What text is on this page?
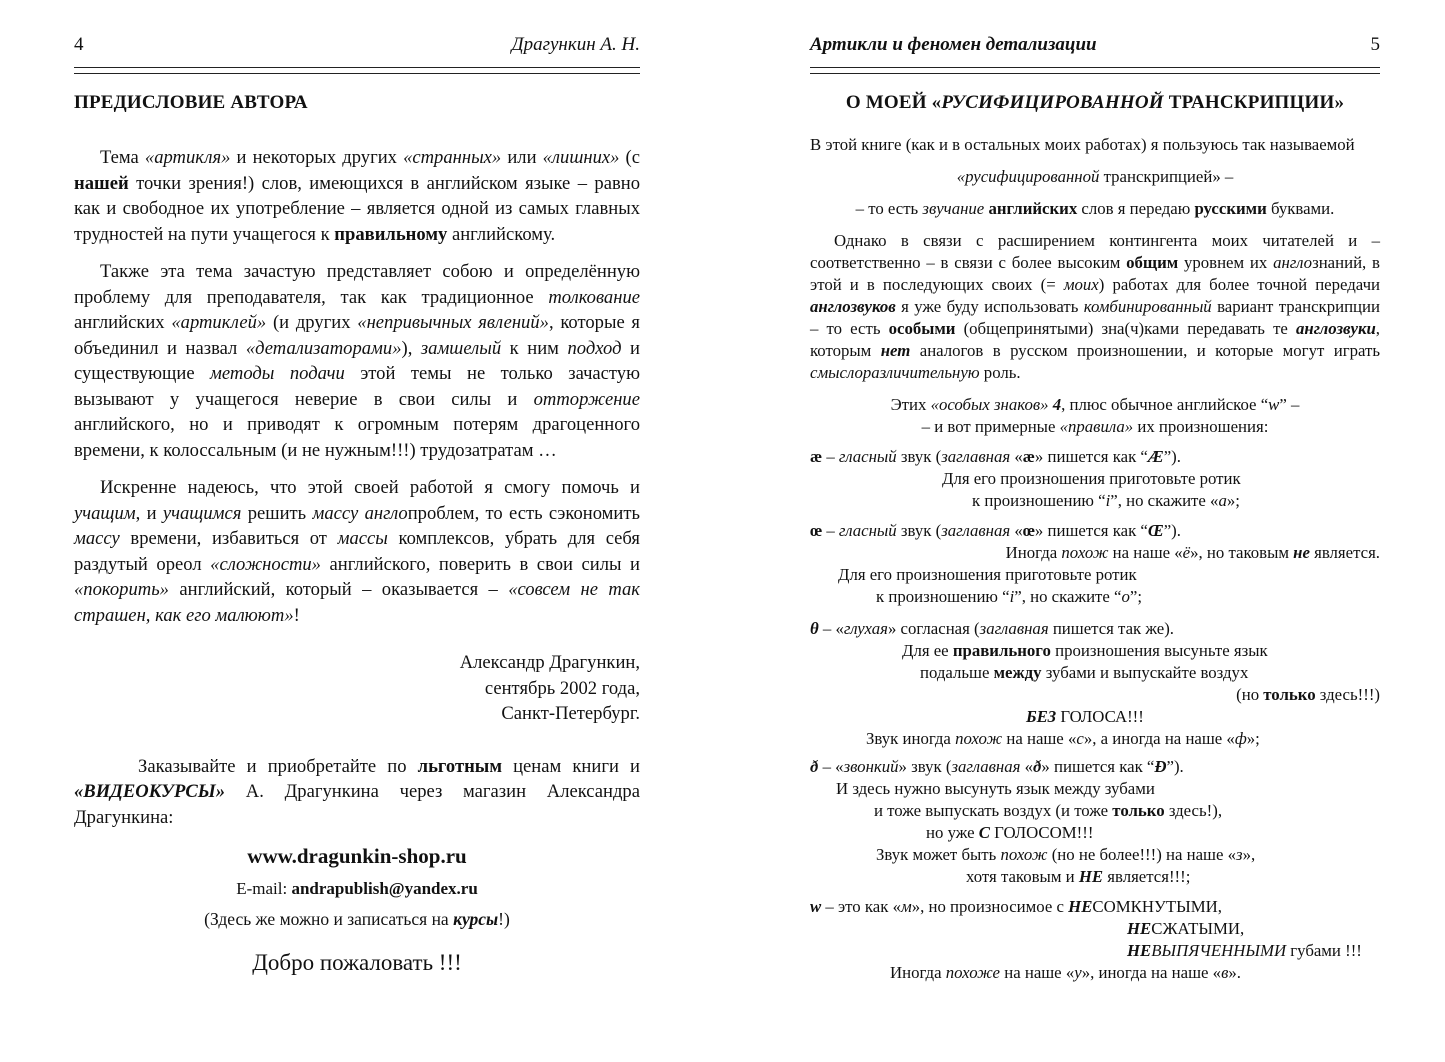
4	Драгункин А. Н.
ПРЕДИСЛОВИЕ АВТОРА

Тема «артикля» и некоторых других «странных» или «лишних» (с нашей точки зрения!) слов, имеющихся в английском языке – равно как и свободное их употребление – является одной из самых главных трудностей на пути учащегося к правильному английскому.

Также эта тема зачастую представляет собою и определённую проблему для преподавателя, так как традиционное толкование английских «артиклей» (и других «непривычных явлений», которые я объединил и назвал «детализаторами»), замшелый к ним подход и существующие методы подачи этой темы не только зачастую вызывают у учащегося неверие в свои силы и отторжение английского, но и приводят к огромным потерям драгоценного времени, к колоссальным (и не нужным!!!) трудозатратам …

Искренне надеюсь, что этой своей работой я смогу помочь и учащим, и учащимся решить массу англопроблем, то есть сэкономить массу времени, избавиться от массы комплексов, убрать для себя раздутый ореол «сложности» английского, поверить в свои силы и «покорить» английский, который – оказывается – «совсем не так страшен, как его малюют»!

Александр Драгункин,
сентябрь 2002 года,
Санкт-Петербург.

Заказывайте и приобретайте по льготным ценам книги и «ВИДЕОКУРСЫ» А. Драгункина через магазин Александра Драгункина:

www.dragunkin-shop.ru
E-mail: andrapublish@yandex.ru
(Здесь же можно и записаться на курсы!)
Добро пожаловать !!!
Артикли и феномен детализации	5
О МОЕЙ «РУСИФИЦИРОВАННОЙ ТРАНСКРИПЦИИ»

В этой книге (как и в остальных моих работах) я пользуюсь так называемой

«русифицированной транскрипцией» –

– то есть звучание английских слов я передаю русскими буквами.

Однако в связи с расширением контингента моих читателей и – соответственно – в связи с более высоким общим уровнем их англознаний, в этой и в последующих своих (= моих) работах для более точной передачи англозвуков я уже буду использовать комбинированный вариант транскрипции – то есть особыми (общепринятыми) зна(ч)ками передавать те англозвуки, которым нет аналогов в русском произношении, и которые могут играть смыслоразличительную роль.

Этих «особых знаков» 4, плюс обычное английское “w” –

– и вот примерные «правила» их произношения:

æ – гласный звук (заглавная «æ» пишется как “Æ”).

Для его произношения приготовьте ротик

к произношению “i”, но скажите «а»;

œ – гласный звук (заглавная «œ» пишется как “Œ”).

Иногда похож на наше «ё», но таковым не является.

Для его произношения приготовьте ротик

к произношению “i”, но скажите “о”;

θ – «глухая» согласная (заглавная пишется так же).

Для ее правильного произношения высуньте язык

подальше между зубами и выпускайте воздух

(но только здесь!!!)

БЕЗ ГОЛОСА!!!

Звук иногда похож на наше «с», а иногда на наше «ф»;

ð – «звонкий» звук (заглавная «ð» пишется как “Ð”).

И здесь нужно высунуть язык между зубами

и тоже выпускать воздух (и тоже только здесь!),

но уже С ГОЛОСОМ!!!

Звук может быть похож (но не более!!!) на наше «з»,

хотя таковым и НЕ является!!!;

w – это как «м», но произносимое с НЕСОМКНУТЫМИ,

НЕСЖАТЫМИ,

НЕВЫПЯЧЕННЫМИ губами !!!

Иногда похоже на наше «у», иногда на наше «в».
